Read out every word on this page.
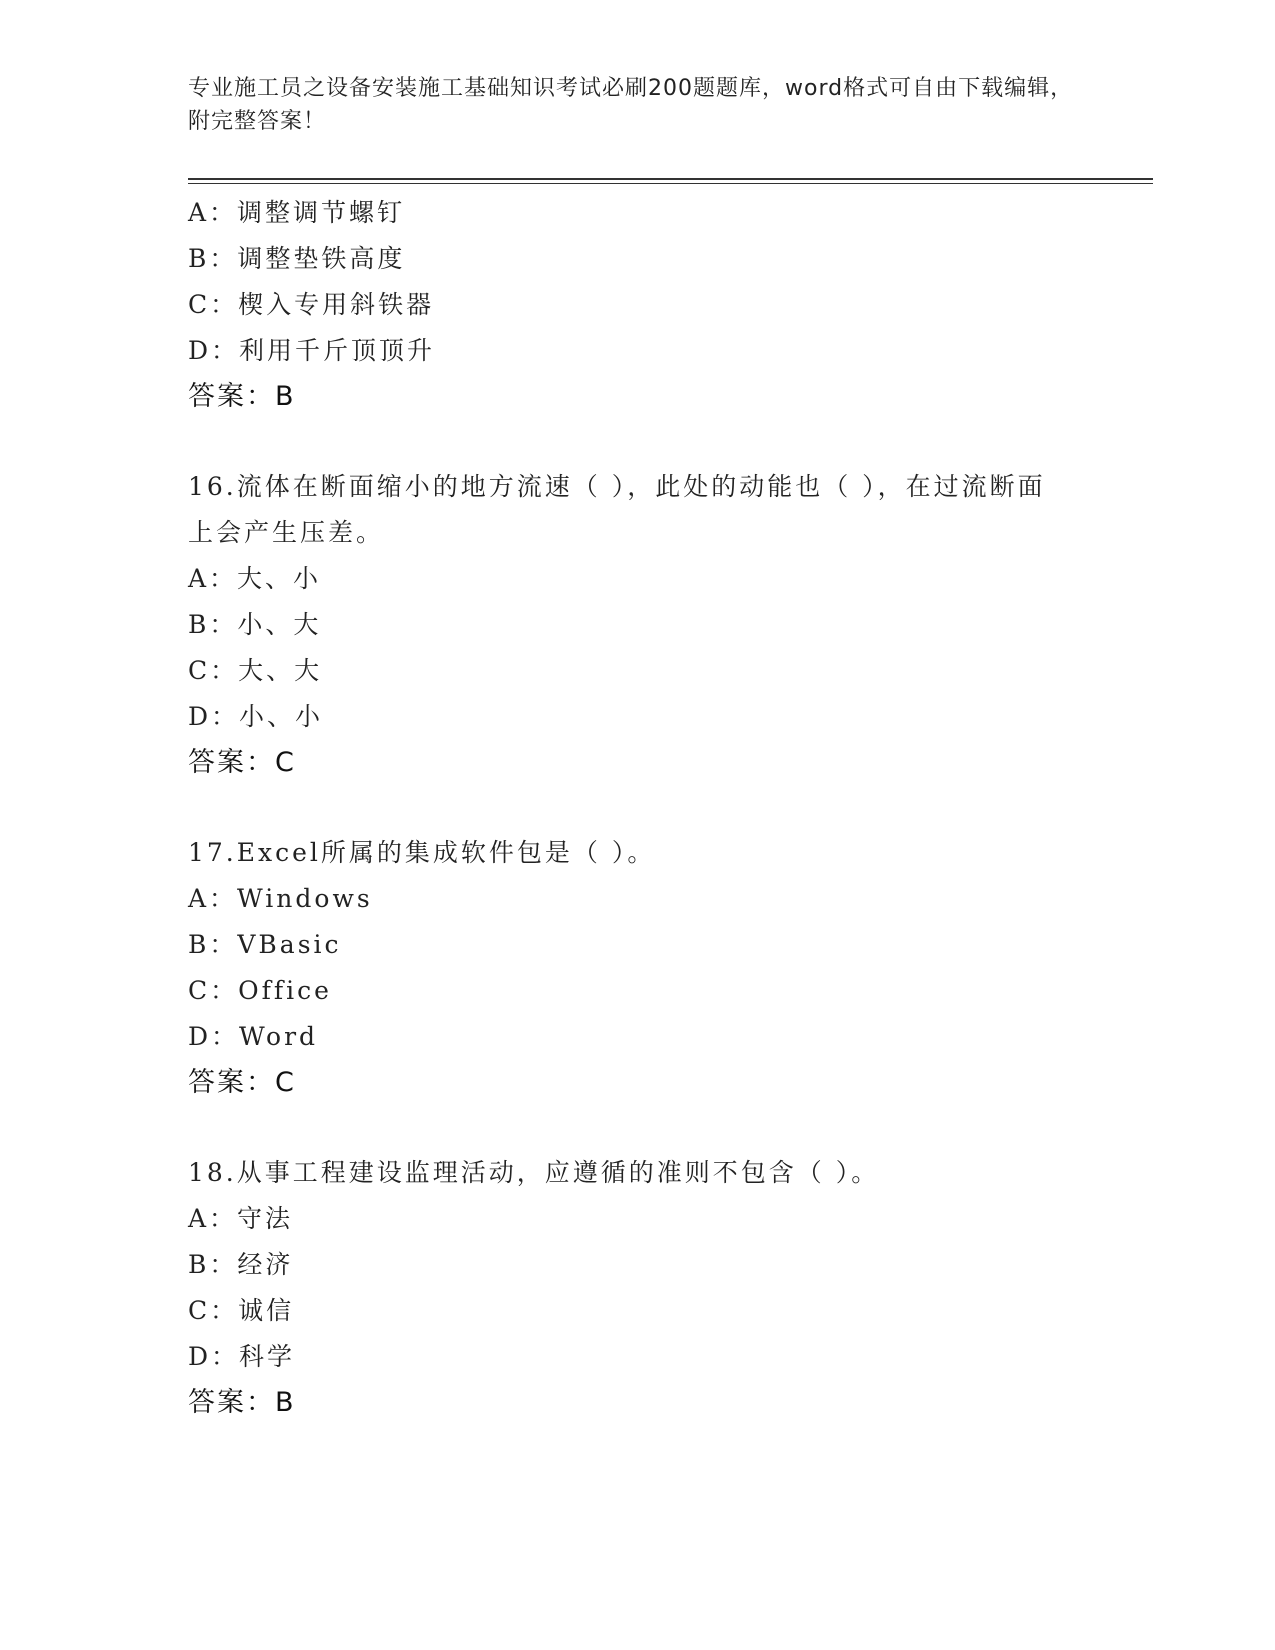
专业施工员之设备安装施工基础知识考试必刷200题题库，word格式可自由下载编辑，附完整答案！
A：调整调节螺钉
B：调整垫铁高度
C：楔入专用斜铁器
D：利用千斤顶顶升
答案：B
16.流体在断面缩小的地方流速（ ），此处的动能也（ ），在过流断面上会产生压差。
A：大、小
B：小、大
C：大、大
D：小、小
答案：C
17.Excel所属的集成软件包是（ ）。
A：Windows
B：VBasic
C：Office
D：Word
答案：C
18.从事工程建设监理活动，应遵循的准则不包含（ ）。
A：守法
B：经济
C：诚信
D：科学
答案：B
